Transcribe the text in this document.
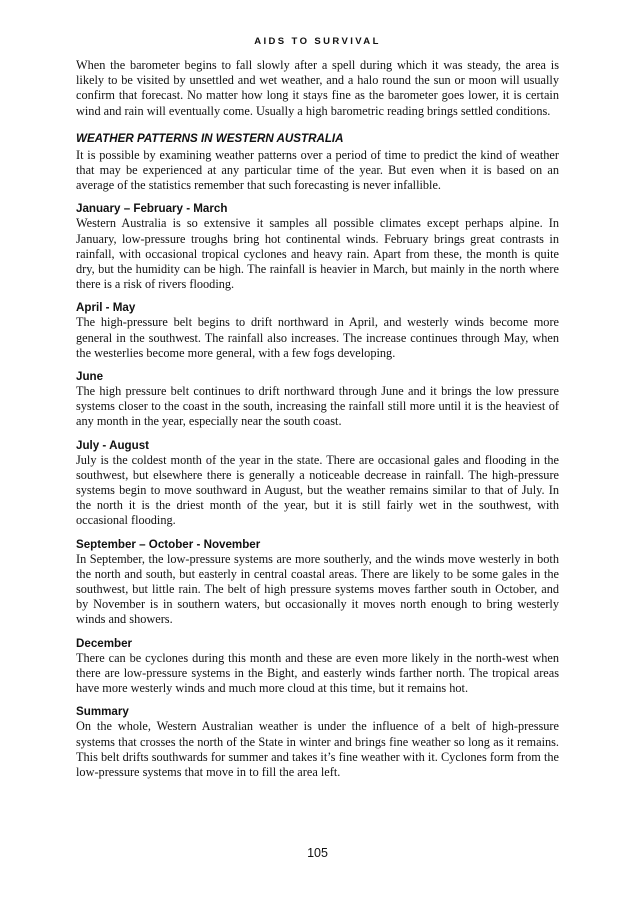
AIDS TO SURVIVAL

When the barometer begins to fall slowly after a spell during which it was steady, the area is likely to be visited by unsettled and wet weather, and a halo round the sun or moon will usually confirm that forecast. No matter how long it stays fine as the barometer goes lower, it is certain wind and rain will eventually come. Usually a high barometric reading brings settled conditions.

WEATHER PATTERNS IN WESTERN AUSTRALIA

It is possible by examining weather patterns over a period of time to predict the kind of weather that may be experienced at any particular time of the year. But even when it is based on an average of the statistics remember that such forecasting is never infallible.

January – February - March

Western Australia is so extensive it samples all possible climates except perhaps alpine. In January, low-pressure troughs bring hot continental winds. February brings great contrasts in rainfall, with occasional tropical cyclones and heavy rain. Apart from these, the month is quite dry, but the humidity can be high. The rainfall is heavier in March, but mainly in the north where there is a risk of rivers flooding.

April - May

The high-pressure belt begins to drift northward in April, and westerly winds become more general in the southwest. The rainfall also increases. The increase continues through May, when the westerlies become more general, with a few fogs developing.

June

The high pressure belt continues to drift northward through June and it brings the low pressure systems closer to the coast in the south, increasing the rainfall still more until it is the heaviest of any month in the year, especially near the south coast.

July - August

July is the coldest month of the year in the state. There are occasional gales and flooding in the southwest, but elsewhere there is generally a noticeable decrease in rainfall. The high-pressure systems begin to move southward in August, but the weather remains similar to that of July. In the north it is the driest month of the year, but it is still fairly wet in the southwest, with occasional flooding.

September – October - November

In September, the low-pressure systems are more southerly, and the winds move westerly in both the north and south, but easterly in central coastal areas. There are likely to be some gales in the southwest, but little rain. The belt of high pressure systems moves farther south in October, and by November is in southern waters, but occasionally it moves north enough to bring westerly winds and showers.

December

There can be cyclones during this month and these are even more likely in the north-west when there are low-pressure systems in the Bight, and easterly winds farther north. The tropical areas have more westerly winds and much more cloud at this time, but it remains hot.

Summary

On the whole, Western Australian weather is under the influence of a belt of high-pressure systems that crosses the north of the State in winter and brings fine weather so long as it remains. This belt drifts southwards for summer and takes it’s fine weather with it. Cyclones form from the low-pressure systems that move in to fill the area left.

105
